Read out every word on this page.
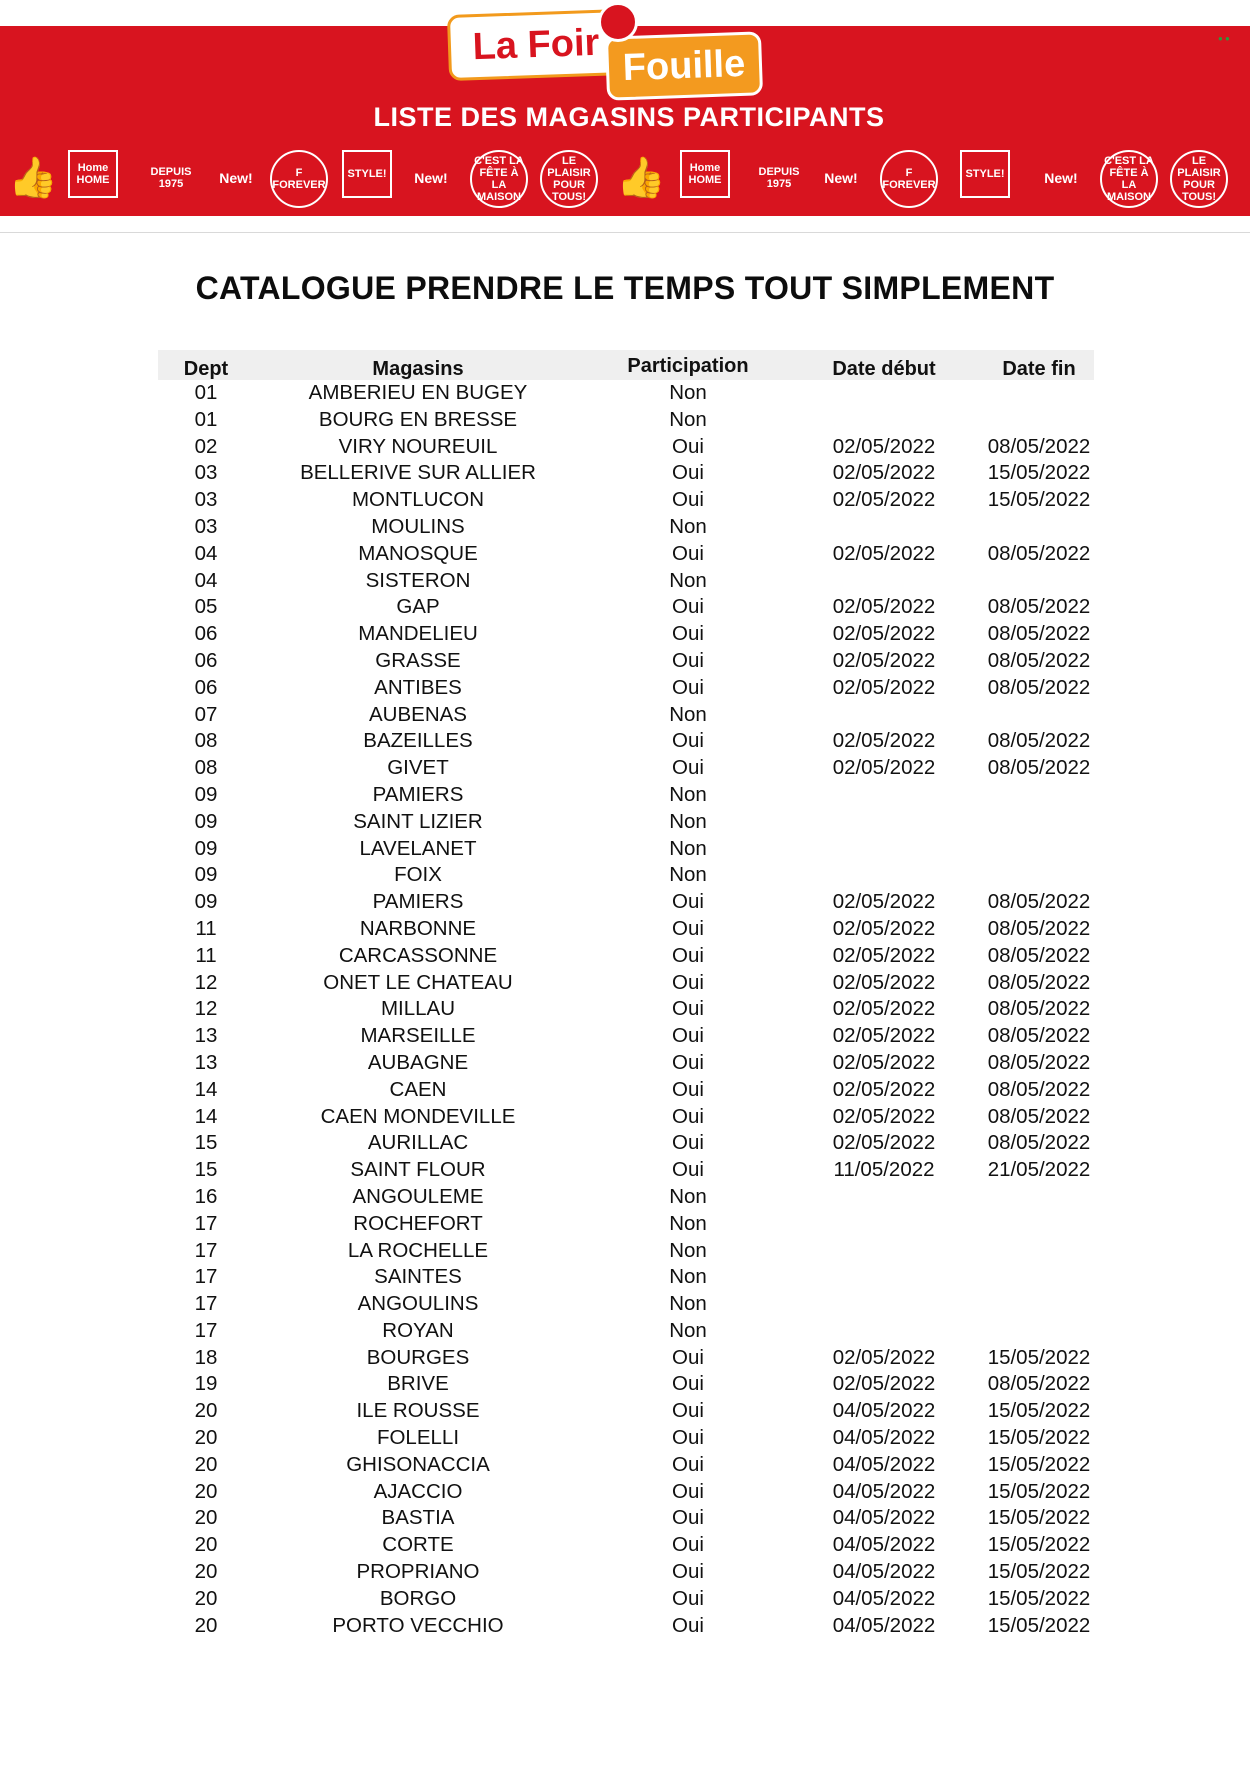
La Foir Fouille
LISTE DES MAGASINS PARTICIPANTS
● ●
👍	Home HOME
DEPUIS 1975	New!	F FOREVER
STYLE!	New!
C'EST LA FÊTE À LA MAISON
LE PLAISIR POUR TOUS! 👍	Home HOME
DEPUIS 1975	New!	F FOREVER
STYLE!	New!
C'EST LA FÊTE À LA MAISON
LE PLAISIR POUR TOUS!
CATALOGUE PRENDRE LE TEMPS TOUT SIMPLEMENT
Dept	Magasins	Participation	Date début	Date fin
01	AMBERIEU EN BUGEY	Non
01	BOURG EN BRESSE	Non
02	VIRY NOUREUIL	Oui	02/05/2022	08/05/2022
03	BELLERIVE SUR ALLIER	Oui	02/05/2022	15/05/2022
03	MONTLUCON	Oui	02/05/2022	15/05/2022
03	MOULINS	Non
04	MANOSQUE	Oui	02/05/2022	08/05/2022
04	SISTERON	Non
05	GAP	Oui	02/05/2022	08/05/2022
06	MANDELIEU	Oui	02/05/2022	08/05/2022
06	GRASSE	Oui	02/05/2022	08/05/2022
06	ANTIBES	Oui	02/05/2022	08/05/2022
07	AUBENAS	Non
08	BAZEILLES	Oui	02/05/2022	08/05/2022
08	GIVET	Oui	02/05/2022	08/05/2022
09	PAMIERS	Non
09	SAINT LIZIER	Non
09	LAVELANET	Non
09	FOIX	Non
09	PAMIERS	Oui	02/05/2022	08/05/2022
11	NARBONNE	Oui	02/05/2022	08/05/2022
11	CARCASSONNE	Oui	02/05/2022	08/05/2022
12	ONET LE CHATEAU	Oui	02/05/2022	08/05/2022
12	MILLAU	Oui	02/05/2022	08/05/2022
13	MARSEILLE	Oui	02/05/2022	08/05/2022
13	AUBAGNE	Oui	02/05/2022	08/05/2022
14	CAEN	Oui	02/05/2022	08/05/2022
14	CAEN MONDEVILLE	Oui	02/05/2022	08/05/2022
15	AURILLAC	Oui	02/05/2022	08/05/2022
15	SAINT FLOUR	Oui	11/05/2022	21/05/2022
16	ANGOULEME	Non
17	ROCHEFORT	Non
17	LA ROCHELLE	Non
17	SAINTES	Non
17	ANGOULINS	Non
17	ROYAN	Non
18	BOURGES	Oui	02/05/2022	15/05/2022
19	BRIVE	Oui	02/05/2022	08/05/2022
20	ILE ROUSSE	Oui	04/05/2022	15/05/2022
20	FOLELLI	Oui	04/05/2022	15/05/2022
20	GHISONACCIA	Oui	04/05/2022	15/05/2022
20	AJACCIO	Oui	04/05/2022	15/05/2022
20	BASTIA	Oui	04/05/2022	15/05/2022
20	CORTE	Oui	04/05/2022	15/05/2022
20	PROPRIANO	Oui	04/05/2022	15/05/2022
20	BORGO	Oui	04/05/2022	15/05/2022
20	PORTO VECCHIO	Oui	04/05/2022	15/05/2022
